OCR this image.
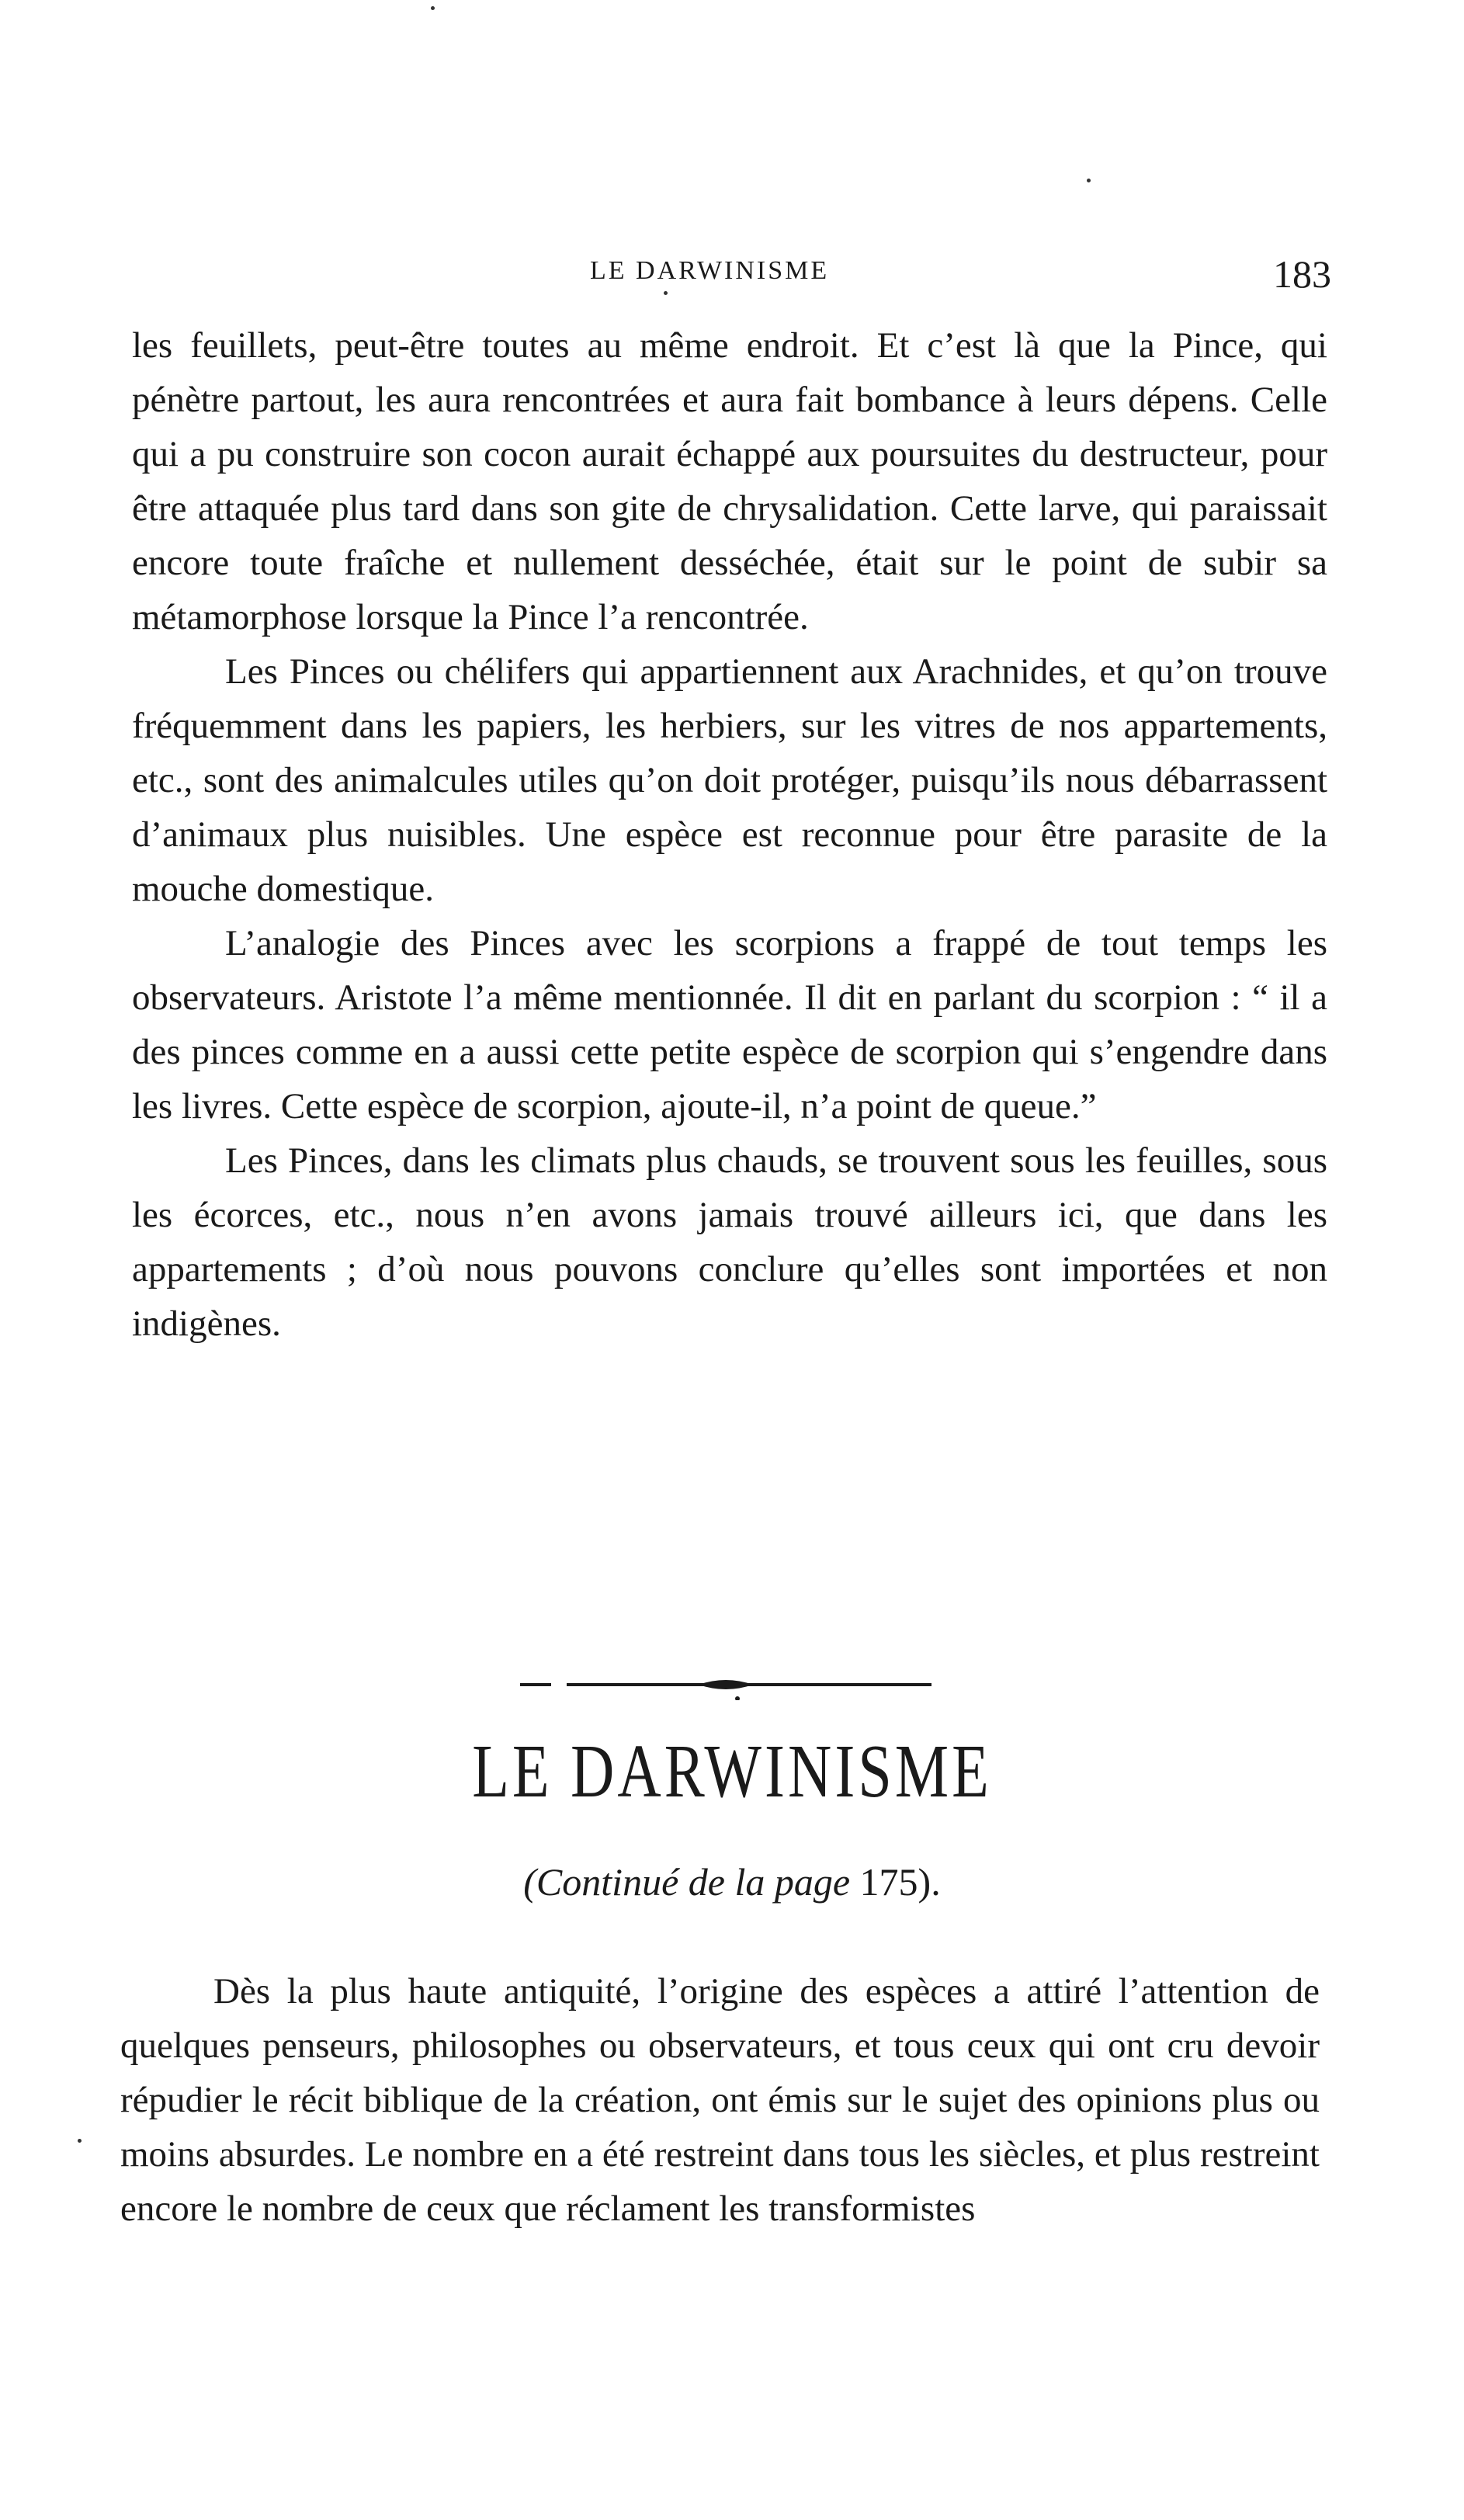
LE DARWINISME	183

les feuillets, peut-être toutes au même endroit. Et c’est là que la Pince, qui pénètre partout, les aura rencontrées et aura fait bombance à leurs dépens. Celle qui a pu construire son cocon aurait échappé aux poursuites du destructeur, pour être attaquée plus tard dans son gite de chrysalidation. Cette larve, qui paraissait encore toute fraîche et nullement desséchée, était sur le point de subir sa métamorphose lorsque la Pince l’a rencontrée.

Les Pinces ou chélifers qui appartiennent aux Arachnides, et qu’on trouve fréquemment dans les papiers, les herbiers, sur les vitres de nos appartements, etc., sont des animalcules utiles qu’on doit protéger, puisqu’ils nous débarrassent d’animaux plus nuisibles. Une espèce est reconnue pour être parasite de la mouche domestique.

L’analogie des Pinces avec les scorpions a frappé de tout temps les observateurs. Aristote l’a même mentionnée. Il dit en parlant du scorpion : “ il a des pinces comme en a aussi cette petite espèce de scorpion qui s’engendre dans les livres. Cette espèce de scorpion, ajoute-il, n’a point de queue.”

Les Pinces, dans les climats plus chauds, se trouvent sous les feuilles, sous les écorces, etc., nous n’en avons jamais trouvé ailleurs ici, que dans les appartements ; d’où nous pouvons conclure qu’elles sont importées et non indigènes.

LE DARWINISME
(Continué de la page 175).

Dès la plus haute antiquité, l’origine des espèces a attiré l’attention de quelques penseurs, philosophes ou observateurs, et tous ceux qui ont cru devoir répudier le récit biblique de la création, ont émis sur le sujet des opinions plus ou moins absurdes. Le nombre en a été restreint dans tous les siècles, et plus restreint encore le nombre de ceux que réclament les transformistes
